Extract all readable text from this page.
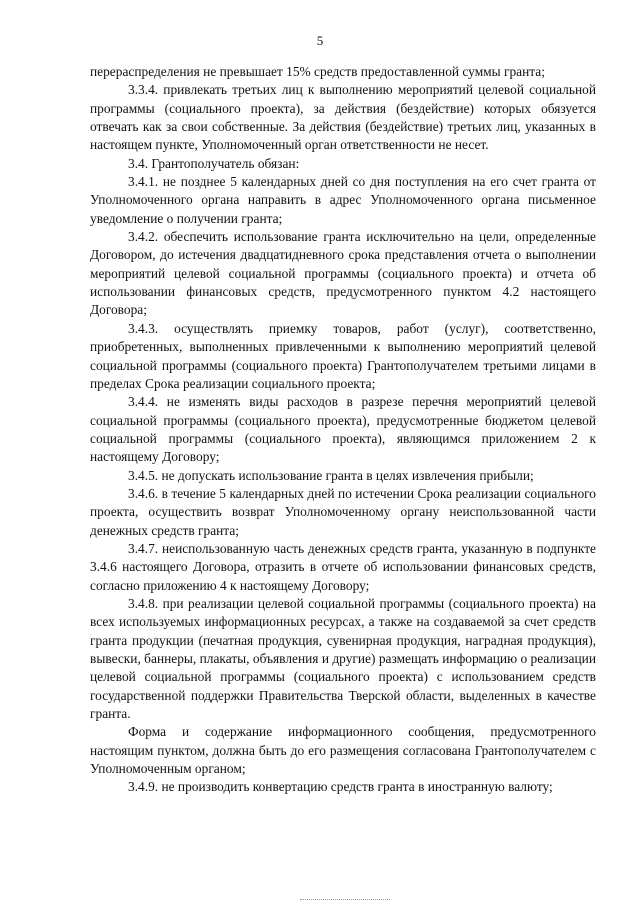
5

перераспределения не превышает 15% средств предоставленной суммы гранта;

3.3.4. привлекать третьих лиц к выполнению мероприятий целевой социальной программы (социального проекта), за действия (бездействие) которых обязуется отвечать как за свои собственные. За действия (бездействие) третьих лиц, указанных в настоящем пункте, Уполномоченный орган ответственности не несет.

3.4. Грантополучатель обязан:

3.4.1. не позднее 5 календарных дней со дня поступления на его счет гранта от Уполномоченного органа направить в адрес Уполномоченного органа письменное уведомление о получении гранта;

3.4.2. обеспечить использование гранта исключительно на цели, определенные Договором, до истечения двадцатидневного срока представления отчета о выполнении мероприятий целевой социальной программы (социального проекта) и отчета об использовании финансовых средств, предусмотренного пунктом 4.2 настоящего Договора;

3.4.3. осуществлять приемку товаров, работ (услуг), соответственно, приобретенных, выполненных привлеченными к выполнению мероприятий целевой социальной программы (социального проекта) Грантополучателем третьими лицами в пределах Срока реализации социального проекта;

3.4.4. не изменять виды расходов в разрезе перечня мероприятий целевой социальной программы (социального проекта), предусмотренные бюджетом целевой социальной программы (социального проекта), являющимся приложением 2 к настоящему Договору;

3.4.5. не допускать использование гранта в целях извлечения прибыли;

3.4.6. в течение 5 календарных дней по истечении Срока реализации социального проекта, осуществить возврат Уполномоченному органу неиспользованной части денежных средств гранта;

3.4.7. неиспользованную часть денежных средств гранта, указанную в подпункте 3.4.6 настоящего Договора, отразить в отчете об использовании финансовых средств, согласно приложению 4 к настоящему Договору;

3.4.8. при реализации целевой социальной программы (социального проекта) на всех используемых информационных ресурсах, а также на создаваемой за счет средств гранта продукции (печатная продукция, сувенирная продукция, наградная продукция), вывески, баннеры, плакаты, объявления и другие) размещать информацию о реализации целевой социальной программы (социального проекта) с использованием средств государственной поддержки Правительства Тверской области, выделенных в качестве гранта.

Форма и содержание информационного сообщения, предусмотренного настоящим пунктом, должна быть до его размещения согласована Грантополучателем с Уполномоченным органом;

3.4.9. не производить конвертацию средств гранта в иностранную валюту;
